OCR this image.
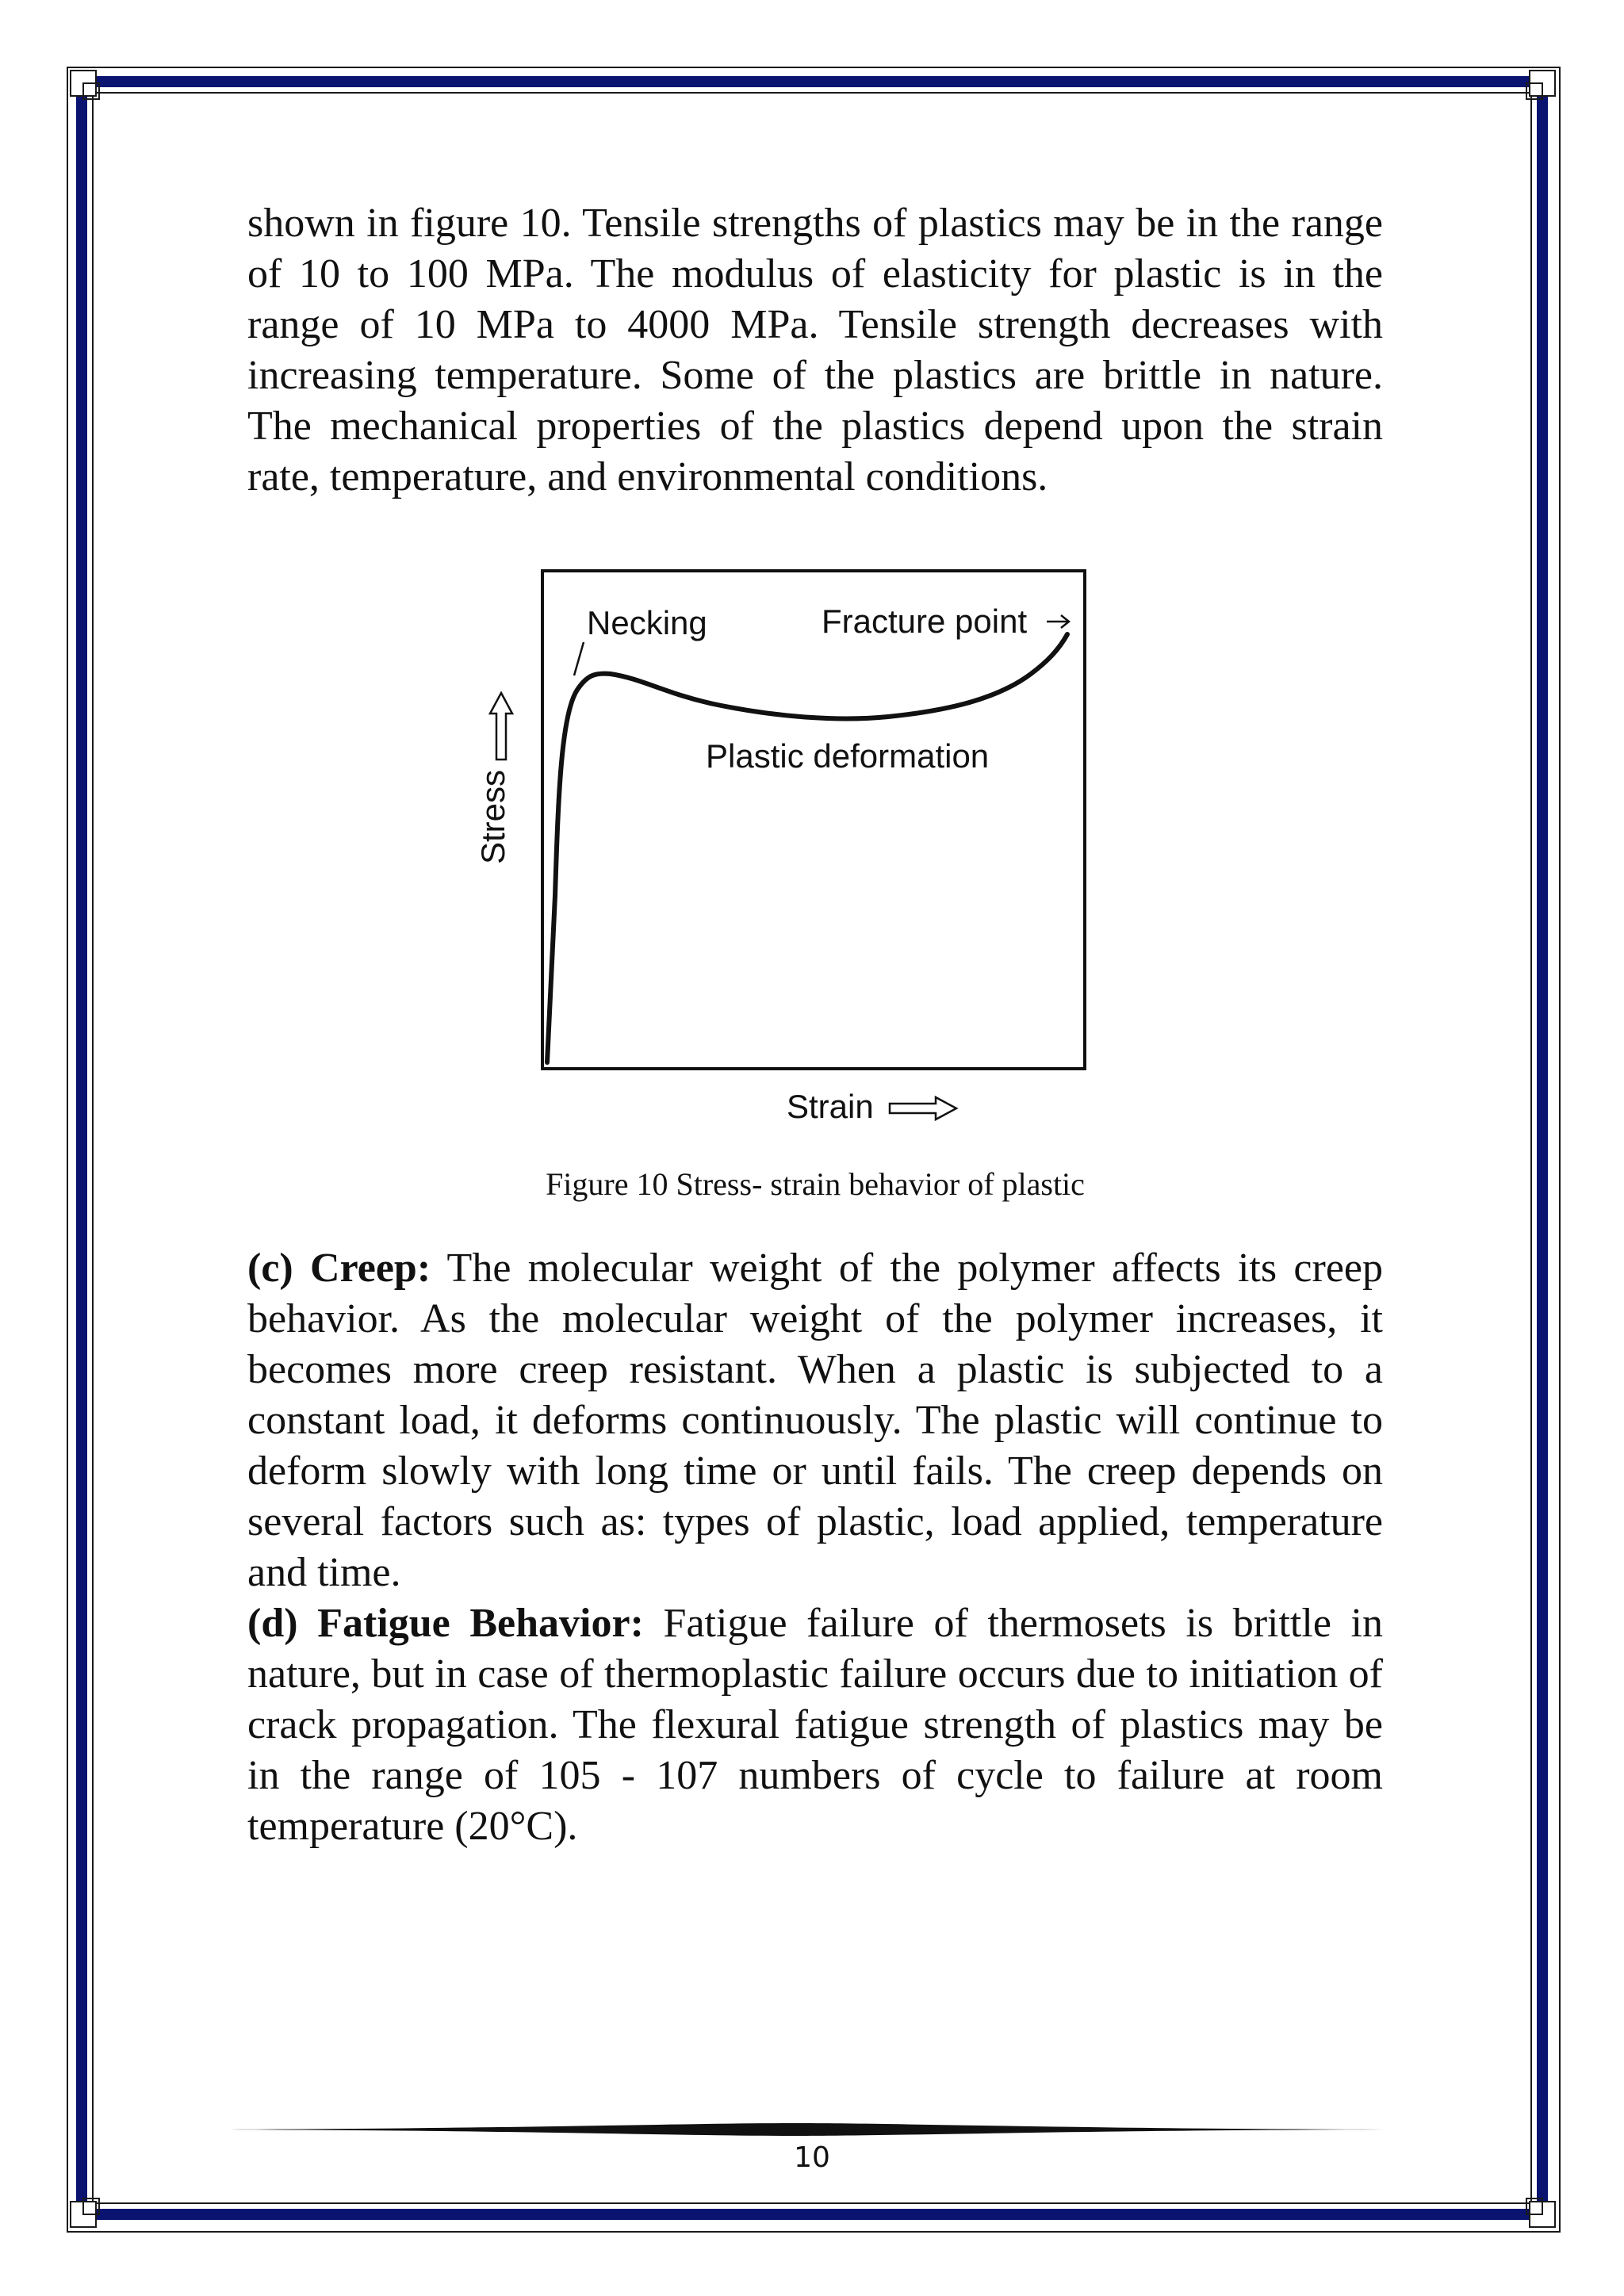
shown in figure 10. Tensile strengths of plastics may be in the range of 10 to 100 MPa. The modulus of elasticity for plastic is in the range of 10 MPa to 4000 MPa. Tensile strength decreases with increasing temperature. Some of the plastics are brittle in nature. The mechanical properties of the plastics depend upon the strain rate, temperature, and environmental conditions.

Necking	Fracture point
Plastic deformation
Stress
Strain
Figure 10 Stress- strain behavior of plastic

(c) Creep: The molecular weight of the polymer affects its creep behavior. As the molecular weight of the polymer increases, it becomes more creep resistant. When a plastic is subjected to a constant load, it deforms continuously. The plastic will continue to deform slowly with long time or until fails. The creep depends on several factors such as: types of plastic, load applied, temperature and time.

(d) Fatigue Behavior: Fatigue failure of thermosets is brittle in nature, but in case of thermoplastic failure occurs due to initiation of crack propagation. The flexural fatigue strength of plastics may be in the range of 105 - 107 numbers of cycle to failure at room temperature (20°C).

10
